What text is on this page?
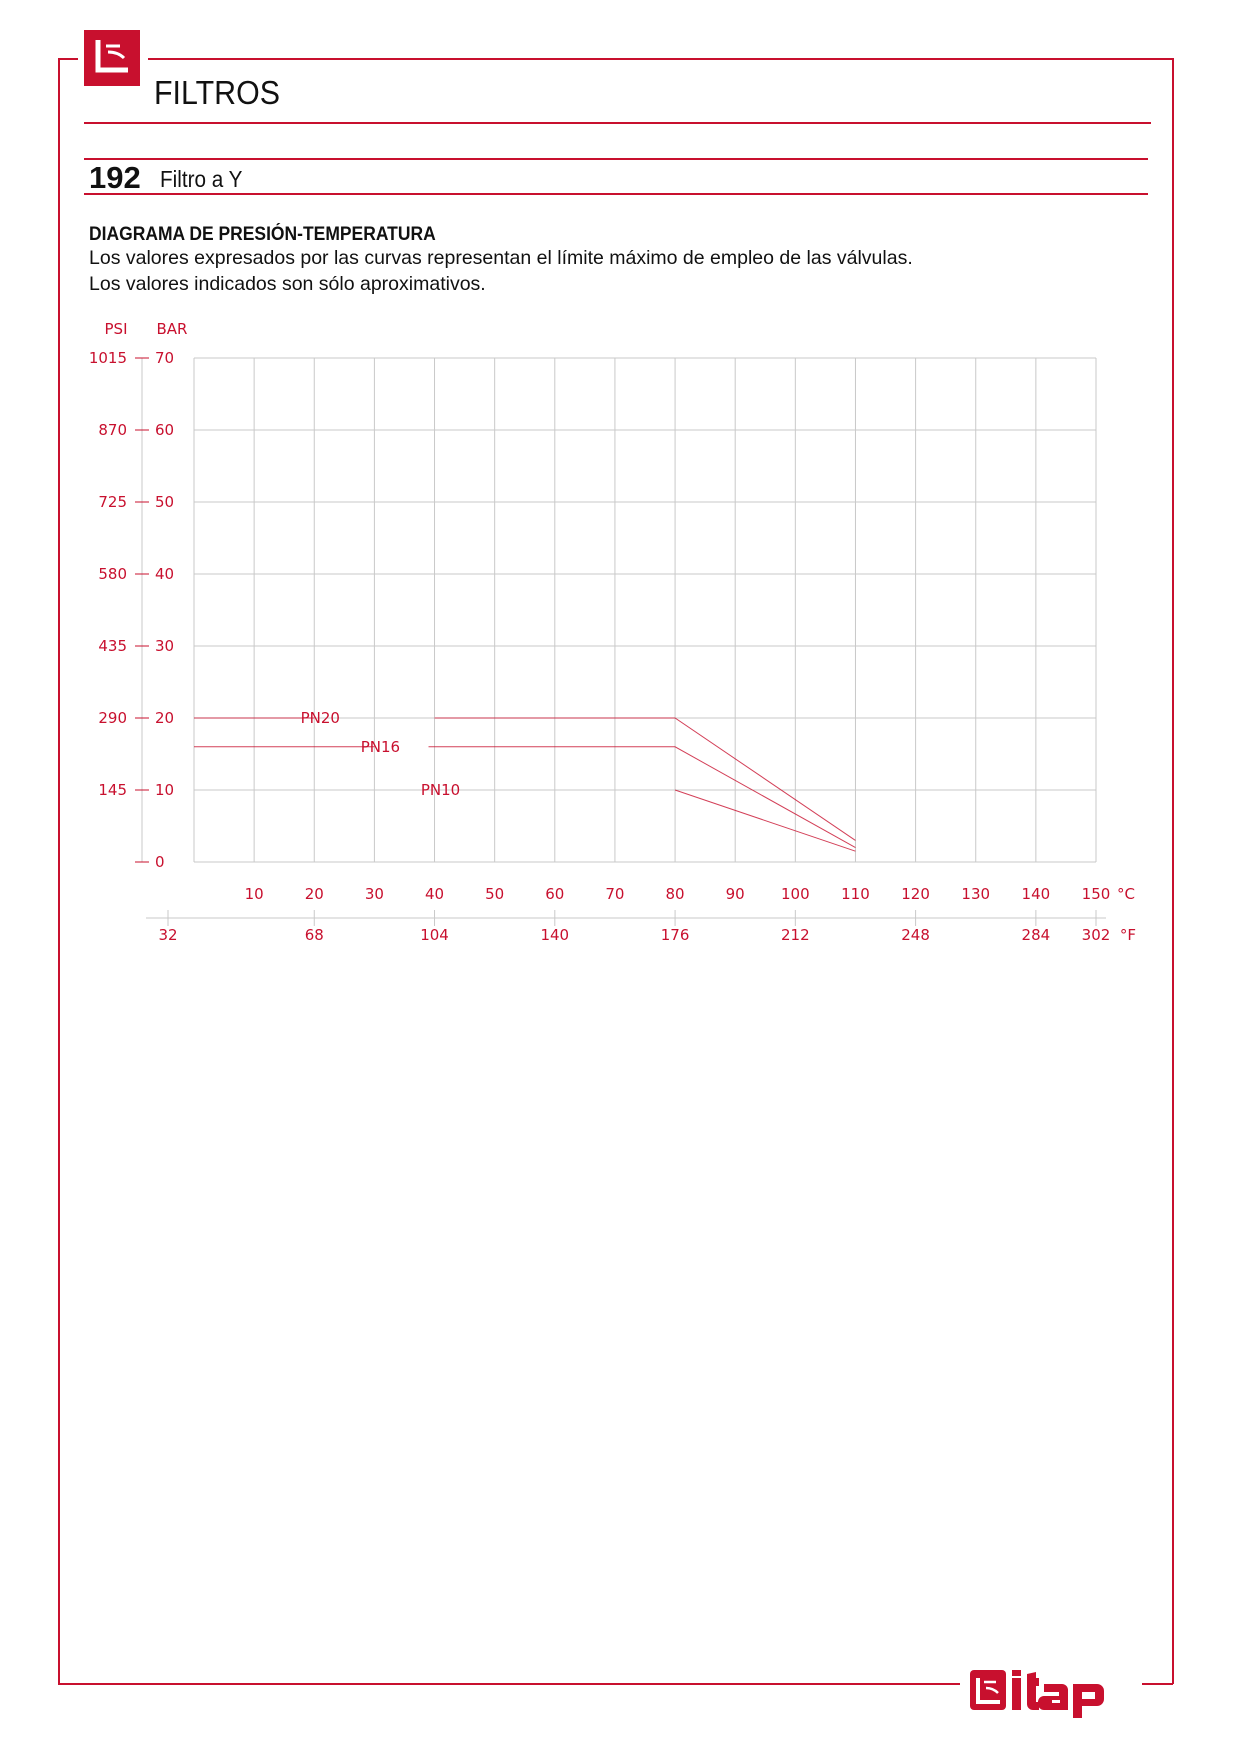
FILTROS
192 Filtro a Y
DIAGRAMA DE PRESIÓN-TEMPERATURA
Los valores expresados por las curvas representan el límite máximo de empleo de las válvulas.
Los valores indicados son sólo aproximativos.
PSI BAR
0
10
145
20
290
30
435
40
580
50
725
60
870
70
1015
10	20	30	40	50	60	70	80	90 100 110 120 130 140 150 °C
32	68	104	140	176	212	248	284 302 °F
PN20
PN16
PN10
